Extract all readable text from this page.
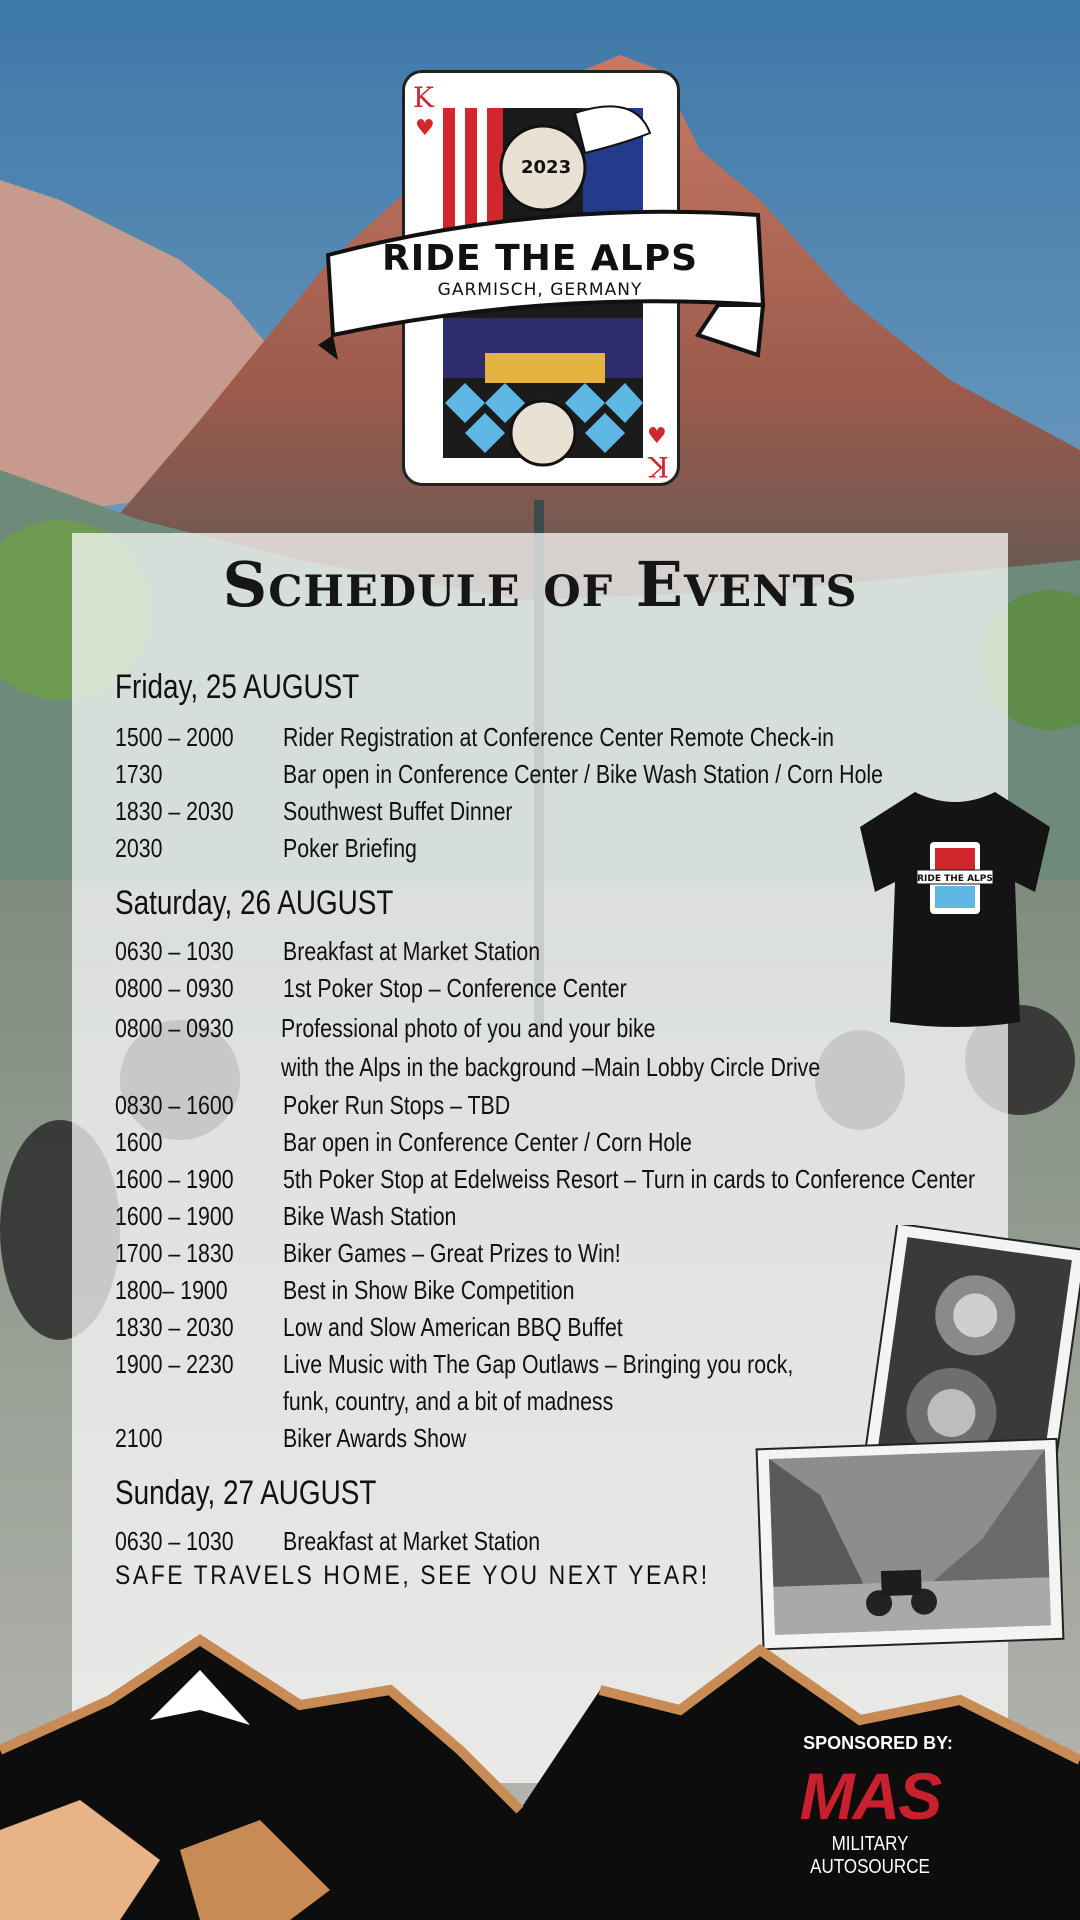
K
♥
♥
K
2023
RIDE THE ALPS
GARMISCH, GERMANY
Schedule of Events
Friday, 25 AUGUST
1500 – 2000 Rider Registration at Conference Center Remote Check-in
1730	Bar open in Conference Center / Bike Wash Station / Corn Hole
1830 – 2030 Southwest Buffet Dinner
2030	Poker Briefing
Saturday, 26 AUGUST
0630 – 1030 Breakfast at Market Station
0800 – 0930 1st Poker Stop – Conference Center
0800 – 0930 Professional photo of you and your bike
with the Alps in the background –Main Lobby Circle Drive
0830 – 1600 Poker Run Stops – TBD
1600	Bar open in Conference Center / Corn Hole
1600 – 1900 5th Poker Stop at Edelweiss Resort – Turn in cards to Conference Center
1600 – 1900 Bike Wash Station
1700 – 1830 Biker Games – Great Prizes to Win!
1800– 1900 Best in Show Bike Competition
1830 – 2030 Low and Slow American BBQ Buffet
1900 – 2230 Live Music with The Gap Outlaws – Bringing you rock,
funk, country, and a bit of madness
2100	Biker Awards Show
Sunday, 27 AUGUST
0630 – 1030 Breakfast at Market Station
SAFE TRAVELS HOME, SEE YOU NEXT YEAR!
RIDE THE ALPS
SPONSORED BY:
MAS
MILITARY AUTOSOURCE
